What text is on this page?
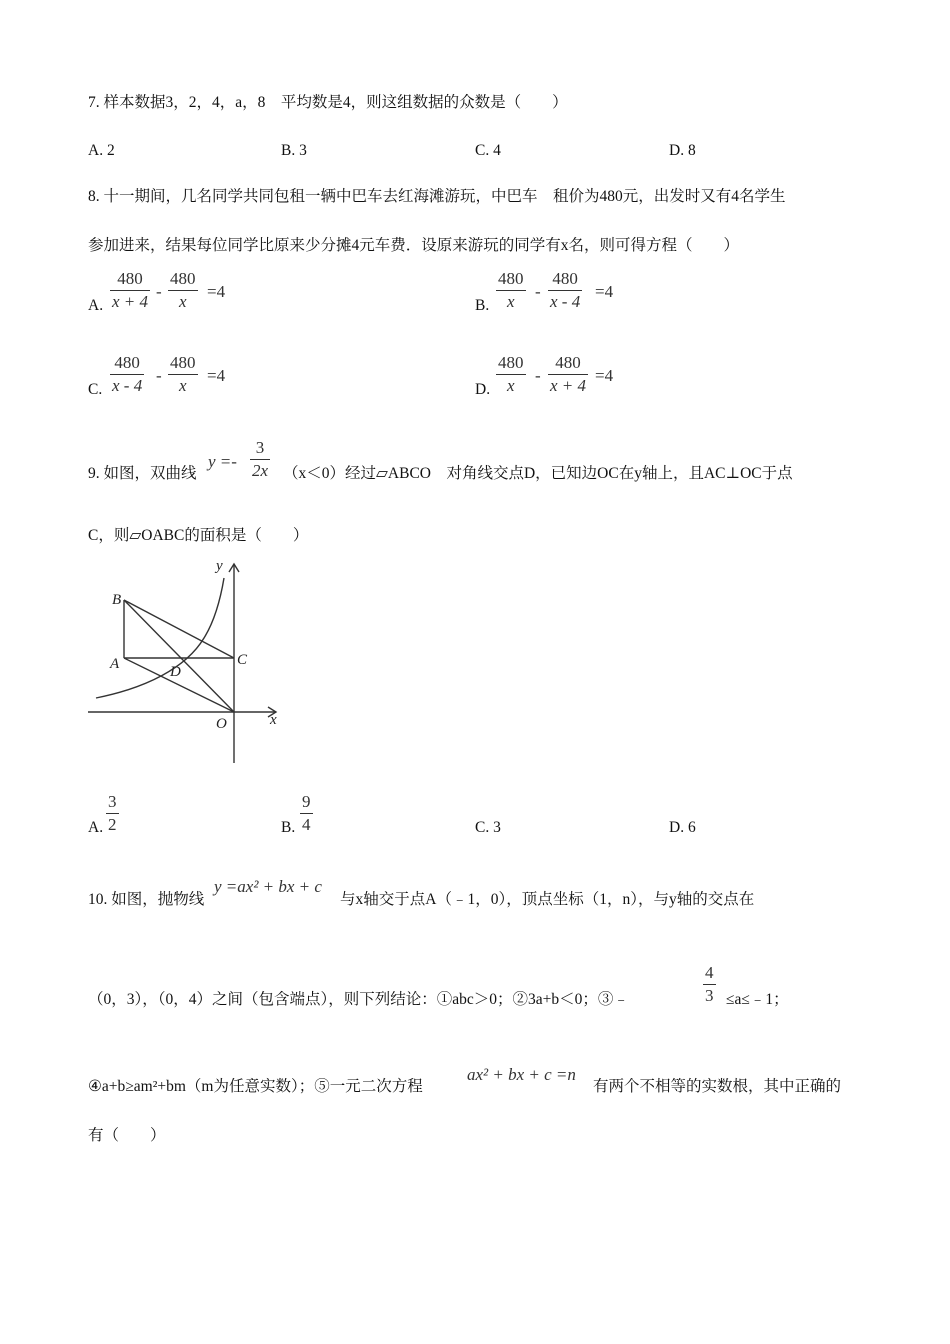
7. 样本数据3，2，4，a，8　平均数是4，则这组数据的众数是（　　）
A. 2	B. 3	C. 4	D. 8
8. 十一期间，几名同学共同包租一辆中巴车去红海滩游玩，中巴车　租价为480元，出发时又有4名学生
参加进来，结果每位同学比原来少分摊4元车费．设原来游玩的同学有x名，则可得方程（　　）
A. $\frac{480}{x + 4} - \frac{480}{x} =4$
B. $\frac{480}{x} - \frac{480}{x - 4} =4$
C. $\frac{480}{x - 4} - \frac{480}{x} =4$
D. $\frac{480}{x} - \frac{480}{x + 4} =4$
9. 如图，双曲线
$y =- \frac{3}{2x} (x<0)$经过▱ABCO　对角线交点D，已知边OC在y轴上，且AC⊥OC于点
C，则▱OABC的面积是（　　）
y
x
B
A	C
D
O
A. $\frac{3}{2}$	B. $\frac{9}{4}$	C. 3	D. 6
10. 如图，抛物线
y =ax² + bx + c
与x轴交于点A（﹣1，0），顶点坐标（1，n），与y轴的交点在
（0，3），（0，4）之间（包含端点），则下列结论：①abc＞0；②3a+b＜0；③﹣	$\frac{4}{3}$ ≤a≤﹣1；
④a+b≥am²+bm（m为任意实数）；⑤一元二次方程
ax² + bx + c =n
有两个不相等的实数根，其中正确的
有（　　）
